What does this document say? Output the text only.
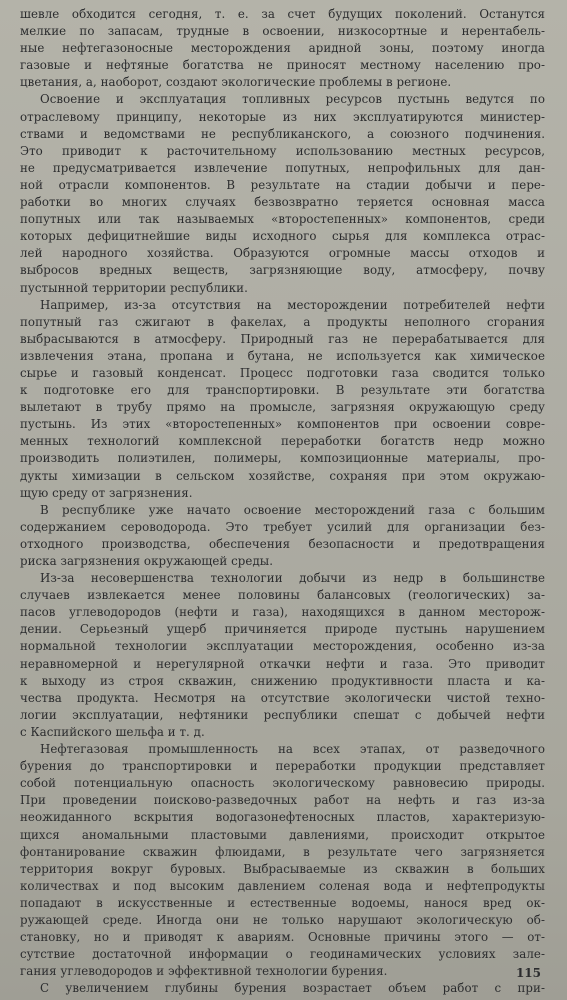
шевле обходится сегодня, т. е. за счет будущих поколений. Останутся
мелкие по запасам, трудные в освоении, низкосортные и нерентабель-
ные нефтегазоносные месторождения аридной зоны, поэтому иногда
газовые и нефтяные богатства не приносят местному населению про-
цветания, а, наоборот, создают экологические проблемы в регионе.
Освоение и эксплуатация топливных ресурсов пустынь ведутся по
отраслевому принципу, некоторые из них эксплуатируются министер-
ствами и ведомствами не республиканского, а союзного подчинения.
Это приводит к расточительному использованию местных ресурсов,
не предусматривается извлечение попутных, непрофильных для дан-
ной отрасли компонентов. В результате на стадии добычи и пере-
работки во многих случаях безвозвратно теряется основная масса
попутных или так называемых «второстепенных» компонентов, среди
которых дефицитнейшие виды исходного сырья для комплекса отрас-
лей народного хозяйства. Образуются огромные массы отходов и
выбросов вредных веществ, загрязняющие воду, атмосферу, почву
пустынной территории республики.
Например, из-за отсутствия на месторождении потребителей нефти
попутный газ сжигают в факелах, а продукты неполного сгорания
выбрасываются в атмосферу. Природный газ не перерабатывается для
извлечения этана, пропана и бутана, не используется как химическое
сырье и газовый конденсат. Процесс подготовки газа сводится только
к подготовке его для транспортировки. В результате эти богатства
вылетают в трубу прямо на промысле, загрязняя окружающую среду
пустынь. Из этих «второстепенных» компонентов при освоении совре-
менных технологий комплексной переработки богатств недр можно
производить полиэтилен, полимеры, композиционные материалы, про-
дукты химизации в сельском хозяйстве, сохраняя при этом окружаю-
щую среду от загрязнения.
В республике уже начато освоение месторождений газа с большим
содержанием сероводорода. Это требует усилий для организации без-
отходного производства, обеспечения безопасности и предотвращения
риска загрязнения окружающей среды.
Из-за несовершенства технологии добычи из недр в большинстве
случаев извлекается менее половины балансовых (геологических) за-
пасов углеводородов (нефти и газа), находящихся в данном месторож-
дении. Серьезный ущерб причиняется природе пустынь нарушением
нормальной технологии эксплуатации месторождения, особенно из-за
неравномерной и нерегулярной откачки нефти и газа. Это приводит
к выходу из строя скважин, снижению продуктивности пласта и ка-
чества продукта. Несмотря на отсутствие экологически чистой техно-
логии эксплуатации, нефтяники республики спешат с добычей нефти
с Каспийского шельфа и т. д.
Нефтегазовая промышленность на всех этапах, от разведочного
бурения до транспортировки и переработки продукции представляет
собой потенциальную опасность экологическому равновесию природы.
При проведении поисково-разведочных работ на нефть и газ из-за
неожиданного вскрытия водогазонефтеносных пластов, характеризую-
щихся аномальными пластовыми давлениями, происходит открытое
фонтанирование скважин флюидами, в результате чего загрязняется
территория вокруг буровых. Выбрасываемые из скважин в больших
количествах и под высоким давлением соленая вода и нефтепродукты
попадают в искусственные и естественные водоемы, нанося вред ок-
ружающей среде. Иногда они не только нарушают экологическую об-
становку, но и приводят к авариям. Основные причины этого — от-
сутствие достаточной информации о геодинамических условиях зале-
гания углеводородов и эффективной технологии бурения.
С увеличением глубины бурения возрастает объем работ с при-
115
